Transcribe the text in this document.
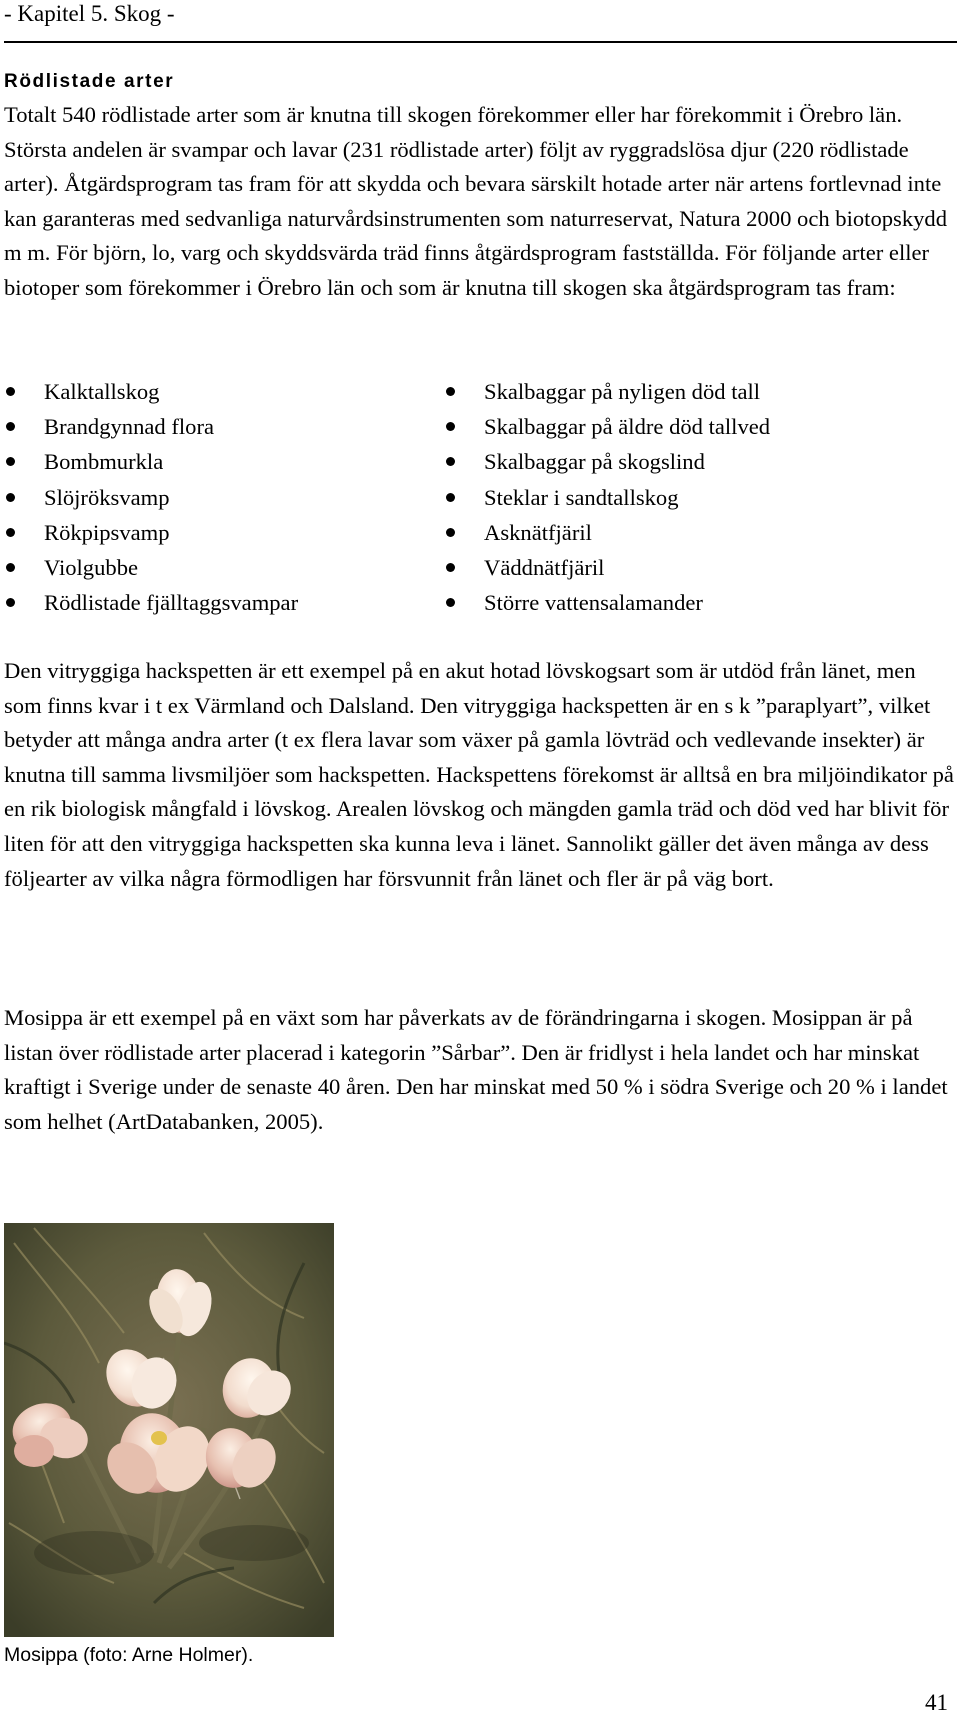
- Kapitel 5. Skog -
Rödlistade arter

Totalt 540 rödlistade arter som är knutna till skogen förekommer eller har förekommit i Örebro län. Största andelen är svampar och lavar (231 rödlistade arter) följt av ryggradslösa djur (220 rödlistade arter). Åtgärdsprogram tas fram för att skydda och bevara särskilt hotade arter när artens fortlevnad inte kan garanteras med sedvanliga naturvårdsinstrumenten som naturreservat, Natura 2000 och biotopskydd m m. För björn, lo, varg och skyddsvärda träd finns åtgärdsprogram fastställda. För följande arter eller biotoper som förekommer i Örebro län och som är knutna till skogen ska åtgärdsprogram tas fram:

Kalktallskog
Brandgynnad flora
Bombmurkla
Slöjröksvamp
Rökpipsvamp
Violgubbe
Rödlistade fjälltaggsvampar
Skalbaggar på nyligen död tall
Skalbaggar på äldre död tallved
Skalbaggar på skogslind
Steklar i sandtallskog
Asknätfjäril
Väddnätfjäril
Större vattensalamander

Den vitryggiga hackspetten är ett exempel på en akut hotad lövskogsart som är utdöd från länet, men som finns kvar i t ex Värmland och Dalsland. Den vitryggiga hackspetten är en s k ”paraplyart”, vilket betyder att många andra arter (t ex flera lavar som växer på gamla lövträd och vedlevande insekter) är knutna till samma livsmiljöer som hackspetten. Hackspettens förekomst är alltså en bra miljöindikator på en rik biologisk mångfald i lövskog. Arealen lövskog och mängden gamla träd och död ved har blivit för liten för att den vitryggiga hackspetten ska kunna leva i länet. Sannolikt gäller det även många av dess följearter av vilka några förmodligen har försvunnit från länet och fler är på väg bort.

Mosippa är ett exempel på en växt som har påverkats av de förändringarna i skogen. Mosippan är på listan över rödlistade arter placerad i kategorin ”Sårbar”. Den är fridlyst i hela landet och har minskat kraftigt i Sverige under de senaste 40 åren. Den har minskat med 50 % i södra Sverige och 20 % i landet som helhet (ArtDatabanken, 2005).

Mosippa (foto: Arne Holmer).
41
